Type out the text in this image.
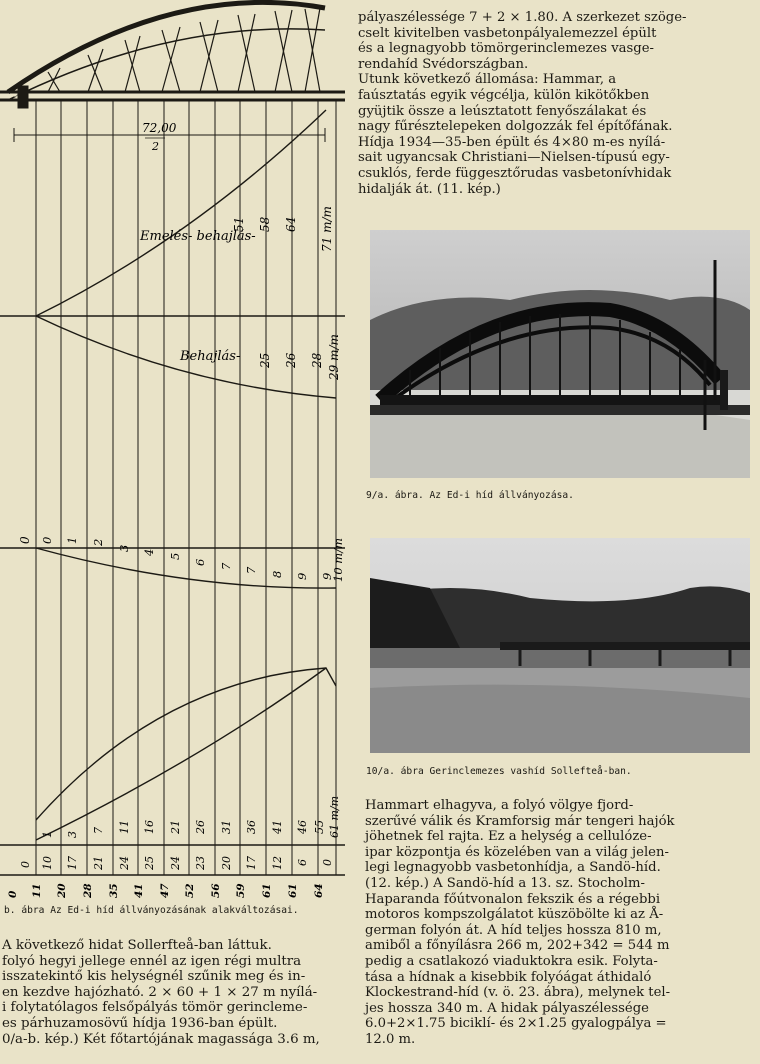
72,00
2
Emelés- behajlás-
51 58 64 71 m/m
Behajlás- 25 26 28 29 m/m
0 0 1 2
3
4
5
6
7
7
8 9 9
10 m/m
1 3
7 11 16 21 26 31 36 41 46 55 61 m/m
0 10 17 21 24 25 24 23 20 17 12 6 0
0 11 20 28 35 41 47 52 56 59 61 61 64
b. ábra Az Ed-i híd állványozásának alakváltozásai.
A következő hidat Sollerfteå-ban láttuk.
folyó hegyi jellege ennél az igen régi multra
isszatekintő kis helységnél szűnik meg és in-
en kezdve hajózható. 2 × 60 + 1 × 27 m nyílá-
i folytatólagos felsőpályás tömör gerincleme-
es párhuzamosövű hídja 1936-ban épült.
0/a-b. kép.) Két főtartójának magassága 3.6 m,
pályaszélessége 7 + 2 × 1.80. A szerkezet szöge-
cselt kivitelben vasbetonpályalemezzel épült
és a legnagyobb tömörgerinclemezes vasge-
rendahíd Svédországban.
Utunk következő állomása: Hammar, a
faúsztatás egyik végcélja, külön kikötőkben
gyüjtik össze a leúsztatott fenyőszálakat és
nagy fűrésztelepeken dolgozzák fel építőfának.
Hídja 1934—35-ben épült és 4×80 m-es nyílá-
sait ugyancsak Christiani—Nielsen-típusú egy-
csuklós, ferde függesztőrudas vasbetonívhidak
hidalják át. (11. kép.)
9/a. ábra. Az Ed-i híd állványozása.
10/a. ábra Gerinclemezes vashíd Sollefteå-ban.
Hammart elhagyva, a folyó völgye fjord-
szerűvé válik és Kramforsig már tengeri hajók
jöhetnek fel rajta. Ez a helység a cellulóze-
ipar központja és közelében van a világ jelen-
legi legnagyobb vasbetonhídja, a Sandö-híd.
(12. kép.) A Sandö-híd a 13. sz. Stocholm-
Haparanda főútvonalon fekszik és a régebbi
motoros kompszolgálatot küszöbölte ki az Å-
german folyón át. A híd teljes hossza 810 m,
amiből a főnyílásra 266 m, 202+342 = 544 m
pedig a csatlakozó viaduktokra esik. Folyta-
tása a hídnak a kisebbik folyóágat áthidaló
Klockestrand-híd (v. ö. 23. ábra), melynek tel-
jes hossza 340 m. A hidak pályaszélessége
6.0+2×1.75 biciklí- és 2×1.25 gyalogpálya =
12.0 m.
